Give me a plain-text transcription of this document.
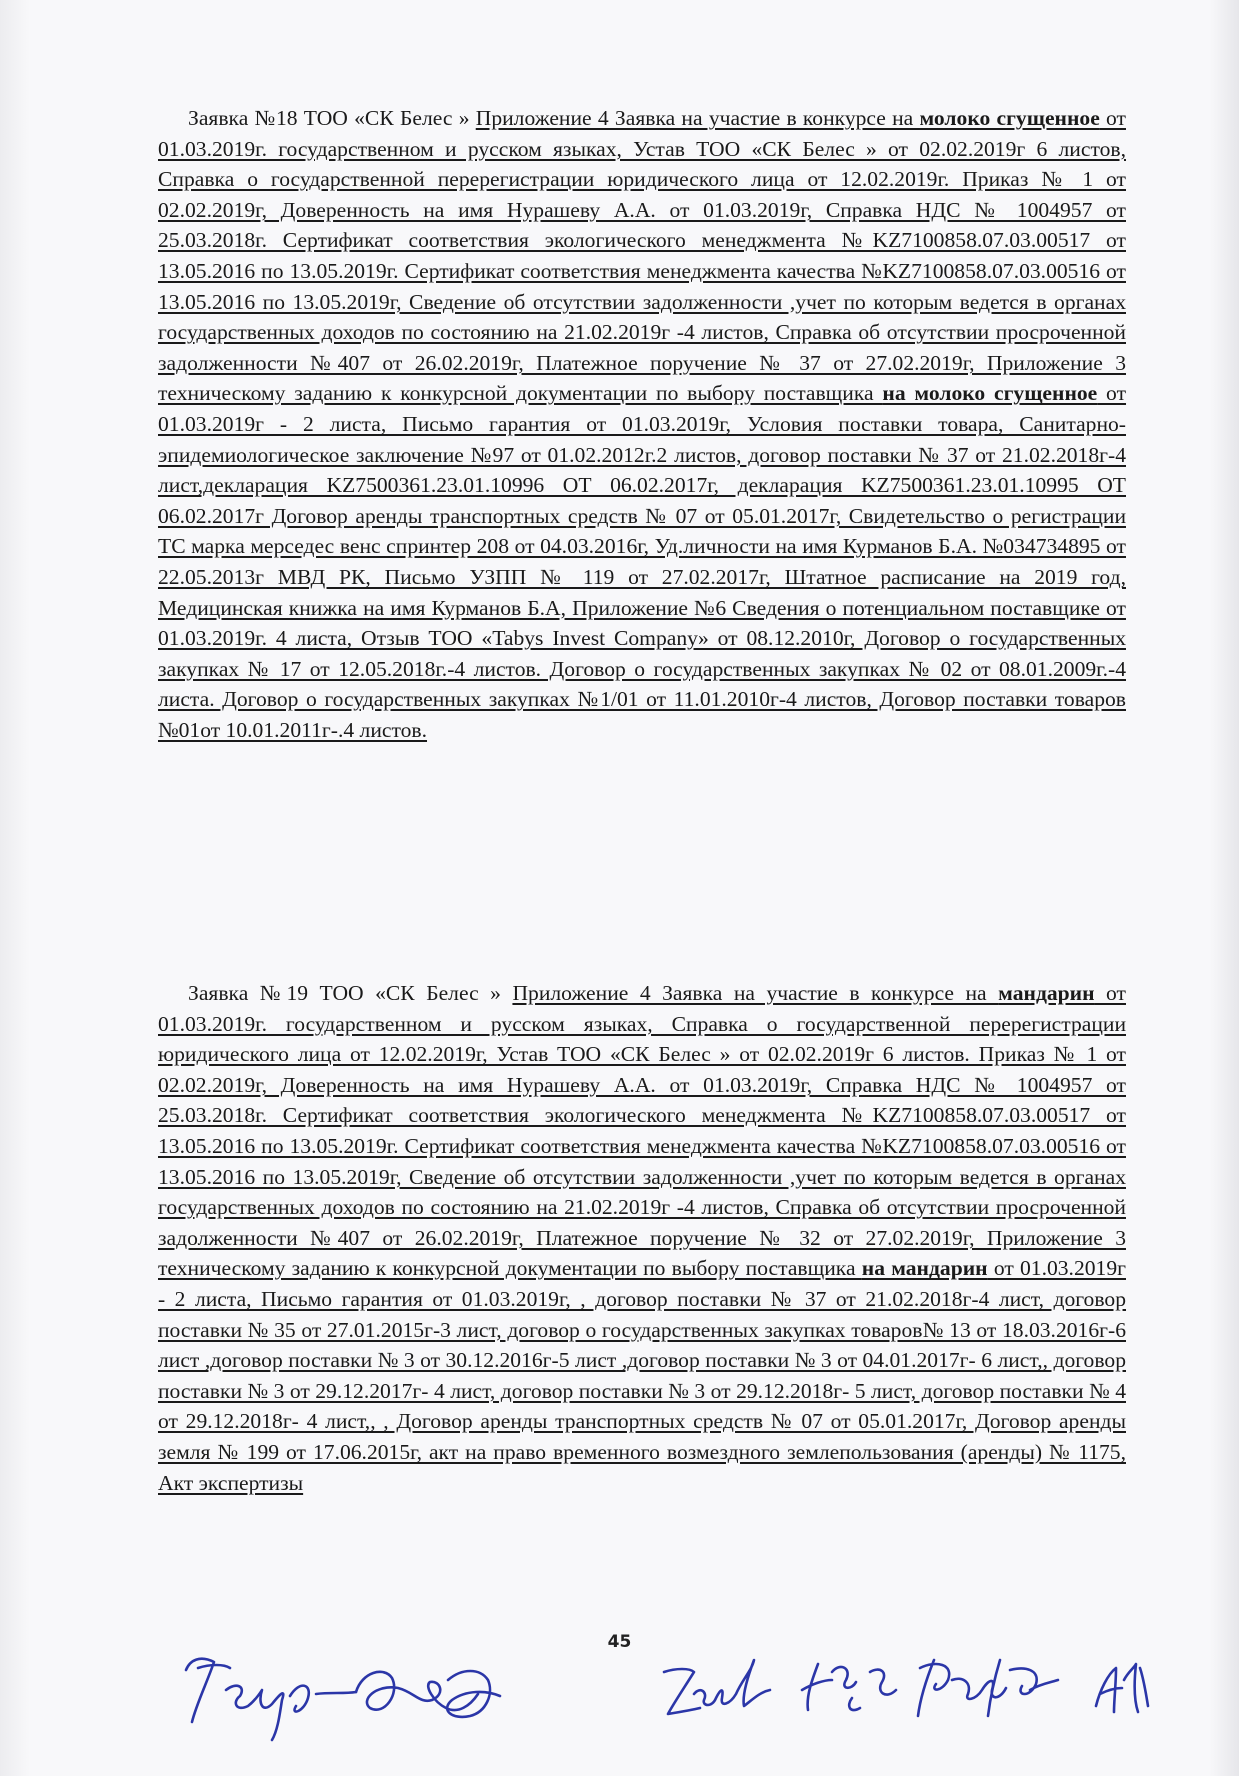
Заявка №18 ТОО «СК Белес » Приложение 4 Заявка на участие в конкурсе на молоко сгущенное от 01.03.2019г. государственном и русском языках, Устав ТОО «СК Белес » от 02.02.2019г 6 листов, Справка о государственной перерегистрации юридического лица от 12.02.2019г. Приказ № 1 от 02.02.2019г, Доверенность на имя Нурашеву А.А. от 01.03.2019г, Справка НДС № 1004957 от 25.03.2018г. Сертификат соответствия экологического менеджмента №KZ7100858.07.03.00517 от 13.05.2016 по 13.05.2019г. Сертификат соответствия менеджмента качества №KZ7100858.07.03.00516 от 13.05.2016 по 13.05.2019г, Сведение об отсутствии задолженности ,учет по которым ведется в органах государственных доходов по состоянию на 21.02.2019г -4 листов, Справка об отсутствии просроченной задолженности №407 от 26.02.2019г, Платежное поручение № 37 от 27.02.2019г, Приложение 3 техническому заданию к конкурсной документации по выбору поставщика на молоко сгущенное от 01.03.2019г - 2 листа, Письмо гарантия от 01.03.2019г, Условия поставки товара, Санитарно-эпидемиологическое заключение №97 от 01.02.2012г.2 листов, договор поставки № 37 от 21.02.2018г-4 лист,декларация KZ7500361.23.01.10996 ОТ 06.02.2017г, декларация KZ7500361.23.01.10995 ОТ 06.02.2017г Договор аренды транспортных средств № 07 от 05.01.2017г, Свидетельство о регистрации ТС марка мерседес венс спринтер 208 от 04.03.2016г, Уд.личности на имя Курманов Б.А. №034734895 от 22.05.2013г МВД РК, Письмо УЗПП № 119 от 27.02.2017г, Штатное расписание на 2019 год, Медицинская книжка на имя Курманов Б.А, Приложение №6 Сведения о потенциальном поставщике от 01.03.2019г. 4 листа, Отзыв ТОО «Tabys Invest Company» от 08.12.2010г, Договор о государственных закупках № 17 от 12.05.2018г.-4 листов. Договор о государственных закупках № 02 от 08.01.2009г.-4 листа. Договор о государственных закупках №1/01 от 11.01.2010г-4 листов, Договор поставки товаров №01от 10.01.2011г-.4 листов.
Заявка №19 ТОО «СК Белес » Приложение 4 Заявка на участие в конкурсе на мандарин от 01.03.2019г. государственном и русском языках, Справка о государственной перерегистрации юридического лица от 12.02.2019г, Устав ТОО «СК Белес » от 02.02.2019г 6 листов. Приказ № 1 от 02.02.2019г, Доверенность на имя Нурашеву А.А. от 01.03.2019г, Справка НДС № 1004957 от 25.03.2018г. Сертификат соответствия экологического менеджмента №KZ7100858.07.03.00517 от 13.05.2016 по 13.05.2019г. Сертификат соответствия менеджмента качества №KZ7100858.07.03.00516 от 13.05.2016 по 13.05.2019г, Сведение об отсутствии задолженности ,учет по которым ведется в органах государственных доходов по состоянию на 21.02.2019г -4 листов, Справка об отсутствии просроченной задолженности №407 от 26.02.2019г, Платежное поручение № 32 от 27.02.2019г, Приложение 3 техническому заданию к конкурсной документации по выбору поставщика на мандарин от 01.03.2019г - 2 листа, Письмо гарантия от 01.03.2019г, , договор поставки № 37 от 21.02.2018г-4 лист, договор поставки № 35 от 27.01.2015г-3 лист, договор о государственных закупках товаров№ 13 от 18.03.2016г-6 лист ,договор поставки № 3 от 30.12.2016г-5 лист ,договор поставки № 3 от 04.01.2017г- 6 лист,, договор поставки № 3 от 29.12.2017г- 4 лист, договор поставки № 3 от 29.12.2018г- 5 лист, договор поставки № 4 от 29.12.2018г- 4 лист,, , Договор аренды транспортных средств № 07 от 05.01.2017г, Договор аренды земля № 199 от 17.06.2015г, акт на право временного возмездного землепользования (аренды) № 1175, Акт экспертизы
45
